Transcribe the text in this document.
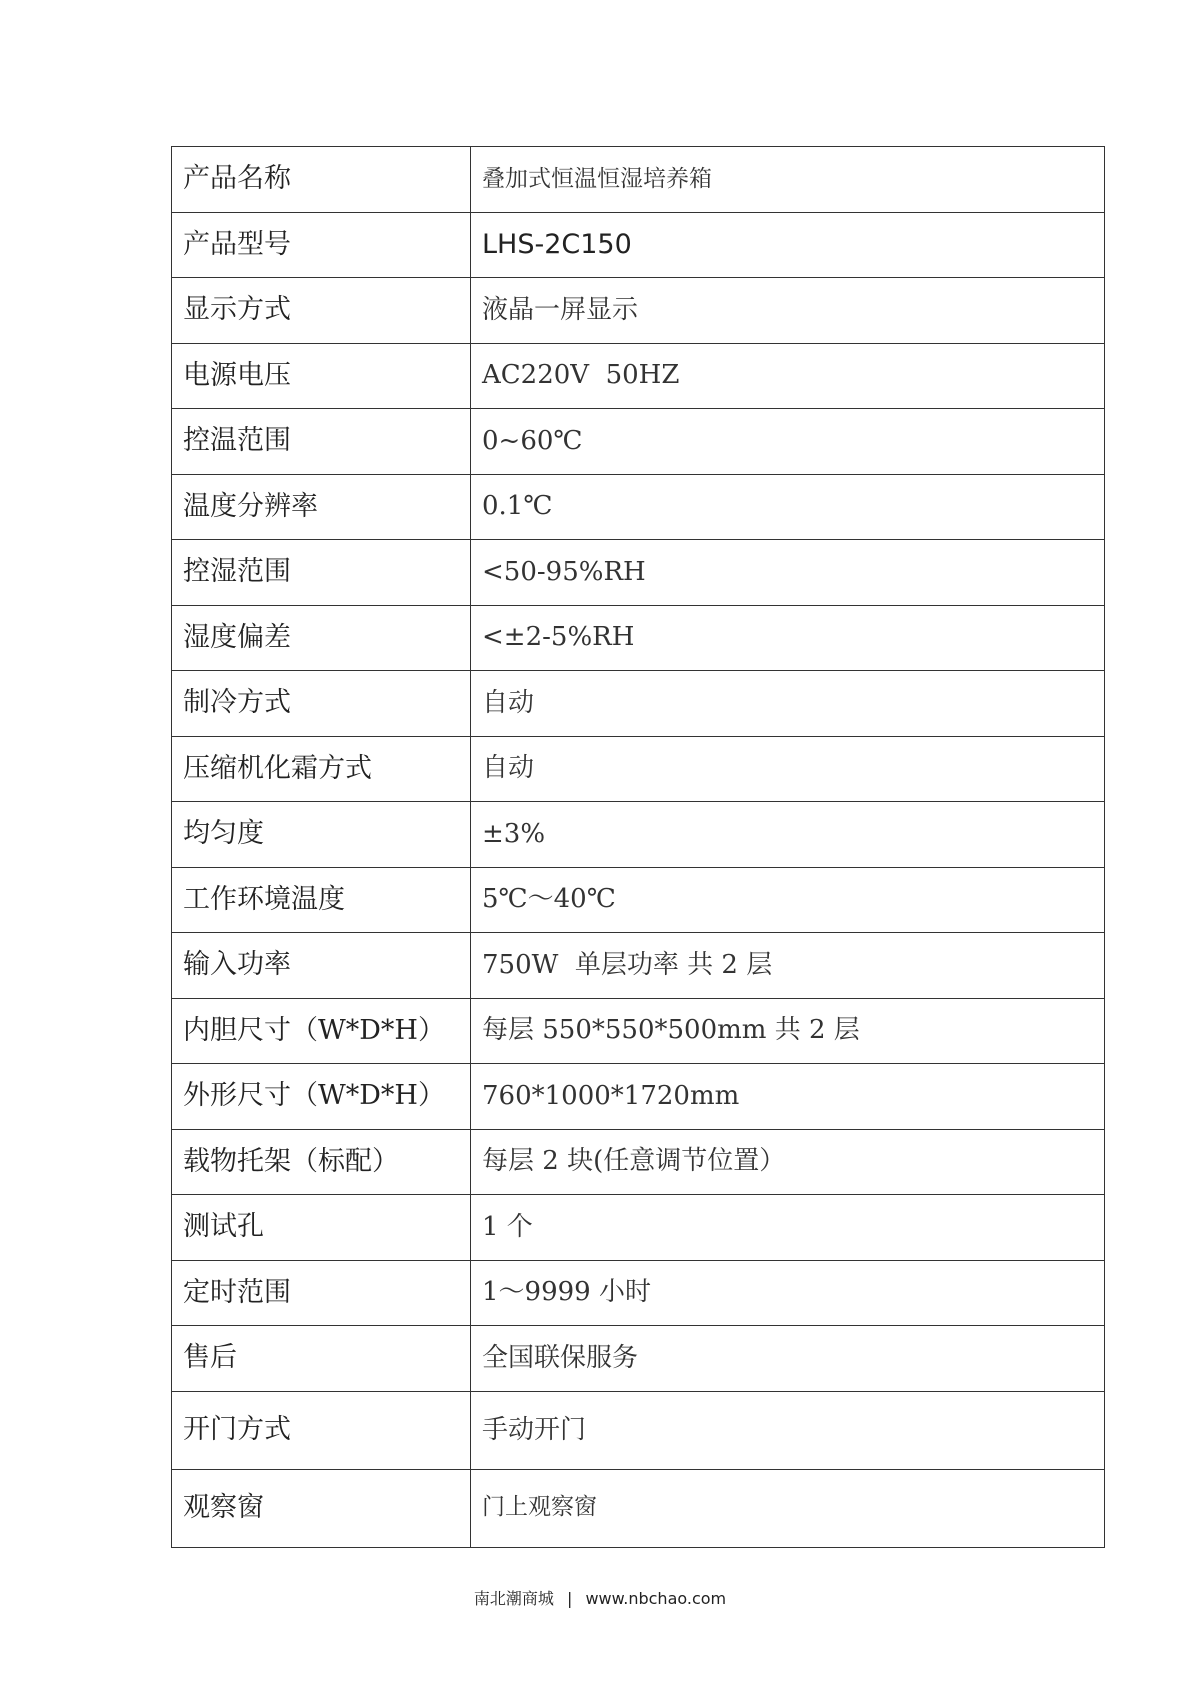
产品名称	叠加式恒温恒湿培养箱
产品型号	LHS-2C150
显示方式	液晶一屏显示
电源电压	AC220V  50HZ
控温范围	0~60℃
温度分辨率	0.1℃
控湿范围	<50-95%RH
湿度偏差	<±2-5%RH
制冷方式	自动
压缩机化霜方式	自动
均匀度	±3%
工作环境温度	5℃～40℃
输入功率	750W  单层功率 共 2 层
内胆尺寸（W*D*H）	每层 550*550*500mm 共 2 层
外形尺寸（W*D*H）	760*1000*1720mm
载物托架（标配）	每层 2 块(任意调节位置）
测试孔	1 个
定时范围	1～9999 小时
售后	全国联保服务
开门方式	手动开门
观察窗	门上观察窗
南北潮商城 | www.nbchao.com
